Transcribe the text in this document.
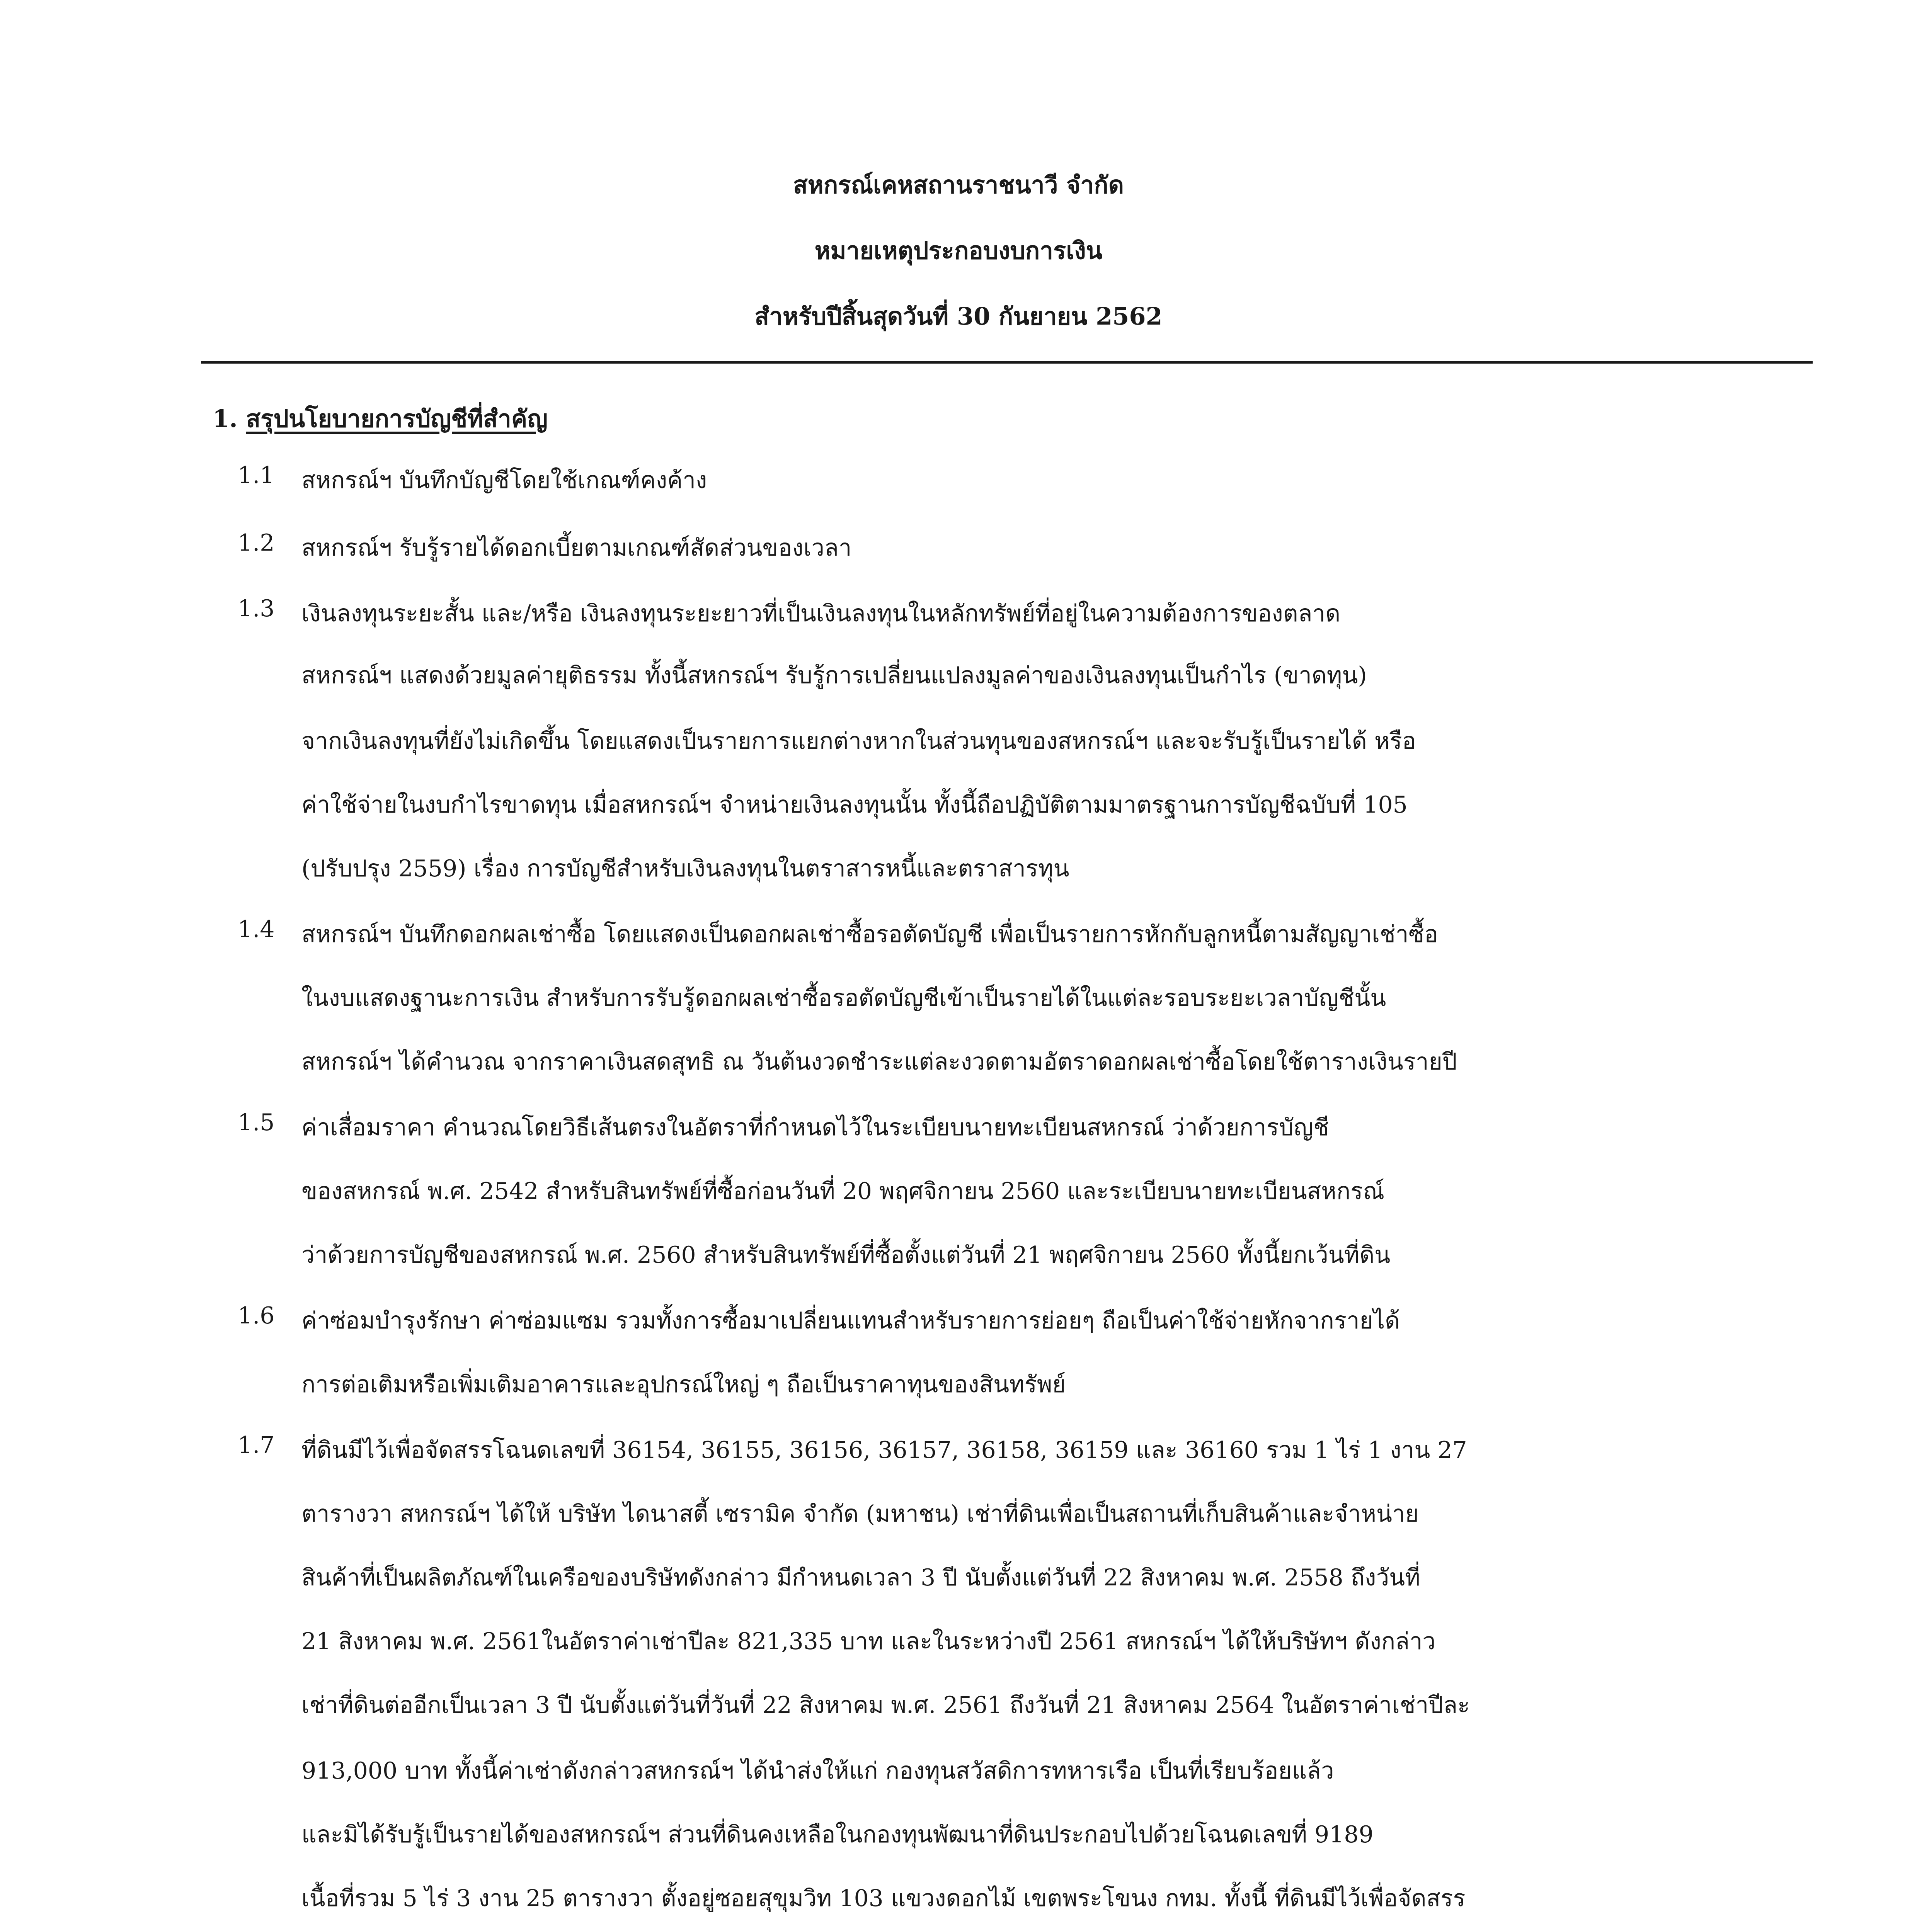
สหกรณ์เคหสถานราชนาวี จำกัด
หมายเหตุประกอบงบการเงิน
สำหรับปีสิ้นสุดวันที่ 30 กันยายน 2562
1. สรุปนโยบายการบัญชีที่สำคัญ
1.1 สหกรณ์ฯ บันทึกบัญชีโดยใช้เกณฑ์คงค้าง
1.2 สหกรณ์ฯ รับรู้รายได้ดอกเบี้ยตามเกณฑ์สัดส่วนของเวลา
1.3 เงินลงทุนระยะสั้น และ/หรือ เงินลงทุนระยะยาวที่เป็นเงินลงทุนในหลักทรัพย์ที่อยู่ในความต้องการของตลาด
สหกรณ์ฯ แสดงด้วยมูลค่ายุติธรรม ทั้งนี้สหกรณ์ฯ รับรู้การเปลี่ยนแปลงมูลค่าของเงินลงทุนเป็นกำไร (ขาดทุน)
จากเงินลงทุนที่ยังไม่เกิดขึ้น โดยแสดงเป็นรายการแยกต่างหากในส่วนทุนของสหกรณ์ฯ และจะรับรู้เป็นรายได้ หรือ
ค่าใช้จ่ายในงบกำไรขาดทุน เมื่อสหกรณ์ฯ จำหน่ายเงินลงทุนนั้น ทั้งนี้ถือปฏิบัติตามมาตรฐานการบัญชีฉบับที่ 105
(ปรับปรุง 2559) เรื่อง การบัญชีสำหรับเงินลงทุนในตราสารหนี้และตราสารทุน
1.4 สหกรณ์ฯ บันทึกดอกผลเช่าซื้อ โดยแสดงเป็นดอกผลเช่าซื้อรอตัดบัญชี เพื่อเป็นรายการหักกับลูกหนี้ตามสัญญาเช่าซื้อ
ในงบแสดงฐานะการเงิน สำหรับการรับรู้ดอกผลเช่าซื้อรอตัดบัญชีเข้าเป็นรายได้ในแต่ละรอบระยะเวลาบัญชีนั้น
สหกรณ์ฯ ได้คำนวณ จากราคาเงินสดสุทธิ ณ วันต้นงวดชำระแต่ละงวดตามอัตราดอกผลเช่าซื้อโดยใช้ตารางเงินรายปี
1.5 ค่าเสื่อมราคา คำนวณโดยวิธีเส้นตรงในอัตราที่กำหนดไว้ในระเบียบนายทะเบียนสหกรณ์ ว่าด้วยการบัญชี
ของสหกรณ์ พ.ศ. 2542 สำหรับสินทรัพย์ที่ซื้อก่อนวันที่ 20 พฤศจิกายน 2560 และระเบียบนายทะเบียนสหกรณ์
ว่าด้วยการบัญชีของสหกรณ์ พ.ศ. 2560 สำหรับสินทรัพย์ที่ซื้อตั้งแต่วันที่ 21 พฤศจิกายน 2560 ทั้งนี้ยกเว้นที่ดิน
1.6 ค่าซ่อมบำรุงรักษา ค่าซ่อมแซม รวมทั้งการซื้อมาเปลี่ยนแทนสำหรับรายการย่อยๆ ถือเป็นค่าใช้จ่ายหักจากรายได้
การต่อเติมหรือเพิ่มเติมอาคารและอุปกรณ์ใหญ่ ๆ ถือเป็นราคาทุนของสินทรัพย์
1.7 ที่ดินมีไว้เพื่อจัดสรรโฉนดเลขที่ 36154, 36155, 36156, 36157, 36158, 36159 และ 36160 รวม 1 ไร่ 1 งาน 27
ตารางวา สหกรณ์ฯ ได้ให้ บริษัท ไดนาสตี้ เซรามิค จำกัด (มหาชน) เช่าที่ดินเพื่อเป็นสถานที่เก็บสินค้าและจำหน่าย
สินค้าที่เป็นผลิตภัณฑ์ในเครือของบริษัทดังกล่าว มีกำหนดเวลา 3 ปี นับตั้งแต่วันที่ 22 สิงหาคม พ.ศ. 2558 ถึงวันที่
21 สิงหาคม พ.ศ. 2561ในอัตราค่าเช่าปีละ 821,335 บาท และในระหว่างปี 2561 สหกรณ์ฯ ได้ให้บริษัทฯ ดังกล่าว
เช่าที่ดินต่ออีกเป็นเวลา 3 ปี นับตั้งแต่วันที่วันที่ 22 สิงหาคม พ.ศ. 2561 ถึงวันที่ 21 สิงหาคม 2564 ในอัตราค่าเช่าปีละ
913,000 บาท ทั้งนี้ค่าเช่าดังกล่าวสหกรณ์ฯ ได้นำส่งให้แก่ กองทุนสวัสดิการทหารเรือ เป็นที่เรียบร้อยแล้ว
และมิได้รับรู้เป็นรายได้ของสหกรณ์ฯ ส่วนที่ดินคงเหลือในกองทุนพัฒนาที่ดินประกอบไปด้วยโฉนดเลขที่ 9189
เนื้อที่รวม 5 ไร่ 3 งาน 25 ตารางวา ตั้งอยู่ซอยสุขุมวิท 103 แขวงดอกไม้ เขตพระโขนง กทม. ทั้งนี้ ที่ดินมีไว้เพื่อจัดสรร
